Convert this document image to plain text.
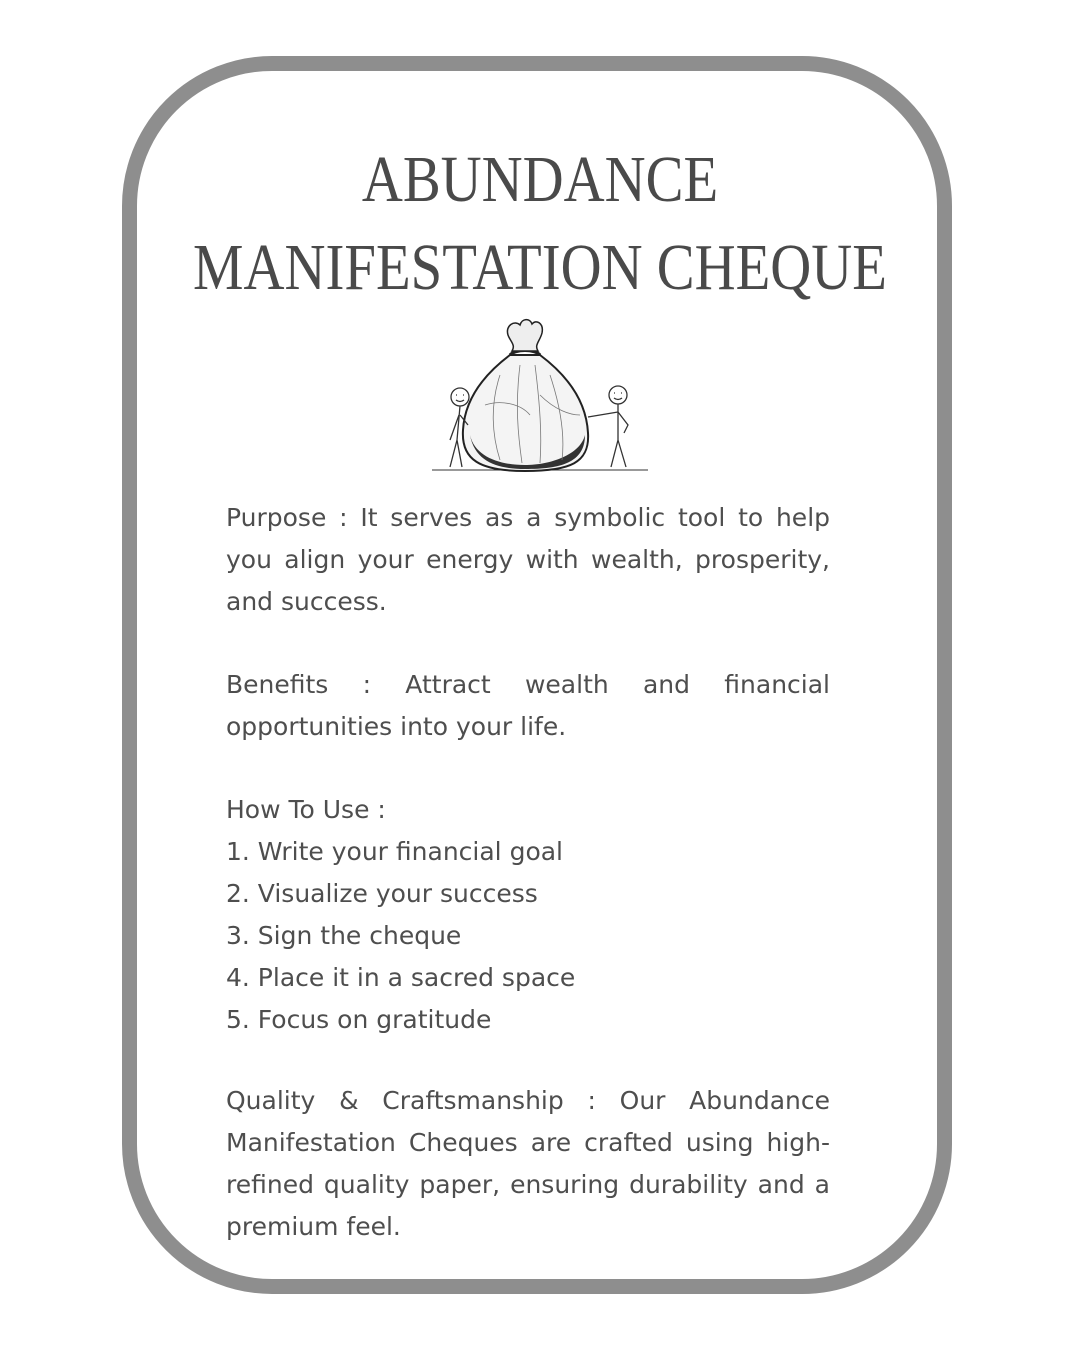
ABUNDANCE
MANIFESTATION CHEQUE

Purpose : It serves as a symbolic tool to help you align your energy with wealth, prosperity, and success.

Benefits : Attract wealth and financial opportunities into your life.

How To Use :
1. Write your financial goal
2. Visualize your success
3. Sign the cheque
4. Place it in a sacred space
5. Focus on gratitude

Quality & Craftsmanship : Our Abundance Manifestation Cheques are crafted using high-refined quality paper, ensuring durability and a premium feel.
